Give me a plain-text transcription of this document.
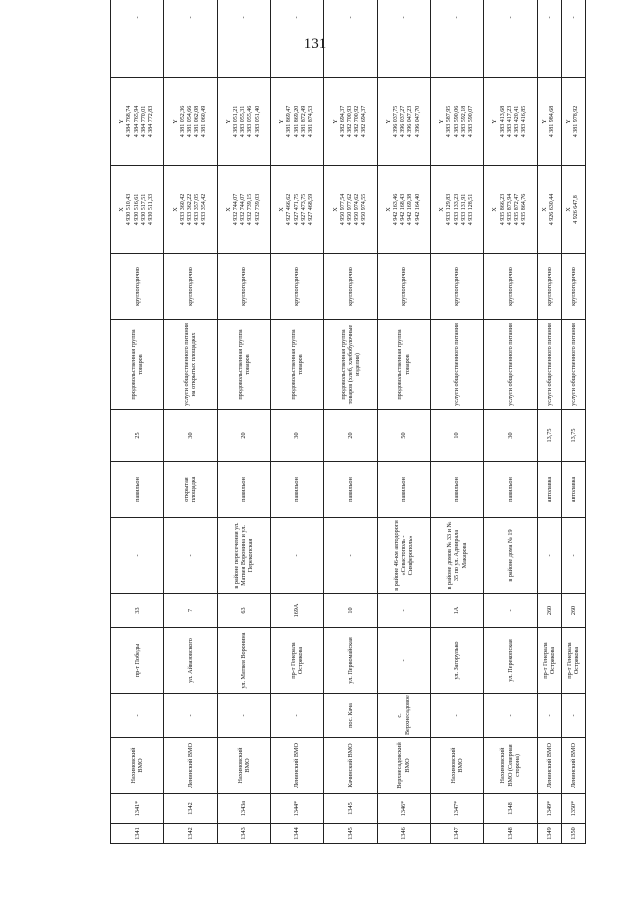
131
1341	1341*	Нахимовский ВМО	-	пр-т Победы	33	-	павильон	25	продовольственная группа товаров	круглогодично	X
4 930 510,43
4 930 516,61
4 930 517,51
4 930 511,33	Y
4 384 768,74
4 384 765,94
4 384 770,01
4 384 772,83	-
1342	1342	Ленинский ВМО	-	ул. Айвазовского	7	-	открытая площадка	30	услуги общественного питания на открытых площадках	круглогодично	X
4 933 360,42
4 933 362,22
4 933 357,05
4 933 354,42	Y
4 381 052,36
4 381 054,66
4 381 062,08
4 381 060,49	-
1343	1343а	Нахимовский ВМО	-	ул. Матвея Воронина	63	в районе пересечения ул. Матвея Воронина и ул. Перекопская	павильон	20	продовольственная группа товаров	круглогодично	X
4 932 744,07
4 932 744,07
4 932 739,15
4 932 739,03	Y
4 383 051,21
4 383 055,31
4 383 055,46
4 383 051,40	-
1344	1344*	Ленинский ВМО	-	пр-т Генерала Острякова	169А	-	павильон	30	продовольственная группа товаров	круглогодично	X
4 927 466,62
4 927 471,75
4 927 473,75
4 927 468,59	Y
4 381 869,47
4 381 869,20
4 381 872,49
4 381 874,53	-
1345	1345	Качинский ВМО	пос. Кача	ул. Первомайская	10	-	павильон	20	продовольственная группа товаров (хлеб, хлебобулочные изделия)	круглогодично	X
4 950 977,54
4 950 977,62
4 950 974,62
4 950 974,55	Y
4 382 694,37
4 382 700,93
4 382 700,92
4 382 694,37	-
1346	1346*	Верхнесадовский ВМО	с. Верхнесадовое	-	-	в районе 46-км автодороги «Севастополь - Симферополь»	павильон	50	продовольственная группа товаров	круглогодично	X
4 942 163,46
4 942 168,43
4 942 169,38
4 942 164,40	Y
4 396 037,75
4 396 037,27
4 396 047,23
4 396 047,70	-
1347	1347*	Нахимовский ВМО	-	ул. Загорулько	1А	в районе домов № 33 и № 35 по ул. Адмирала Макарова	павильон	10	услуги общественного питания	круглогодично	X
4 933 129,83
4 933 133,23
4 933 131,91
4 933 128,51	Y
4 383 587,95
4 383 590,06
4 383 592,18
4 383 590,07	-
1348	1348	Нахимовский ВМО (Северная сторона)	-	ул. Перекопская	-	в районе дома № 19	павильон	30	услуги общественного питания	круглогодично	X
4 935 866,23
4 935 873,94
4 935 872,47
4 935 864,76	Y
4 383 413,68
4 383 417,23
4 383 420,41
4 383 416,85	-
1349	1349*	Ленинский ВМО	-	пр-т Генерала Острякова	260	-	автолавка	13,75	услуги общественного питания	круглогодично	X
4 926 630,44	Y
4 381 984,68	-
1350	1350*	Ленинский ВМО	-	пр-т Генерала Острякова	260	-	автолавка	13,75	услуги общественного питания	круглогодично	X
4 926 647,8	Y
4 381 978,92	-
